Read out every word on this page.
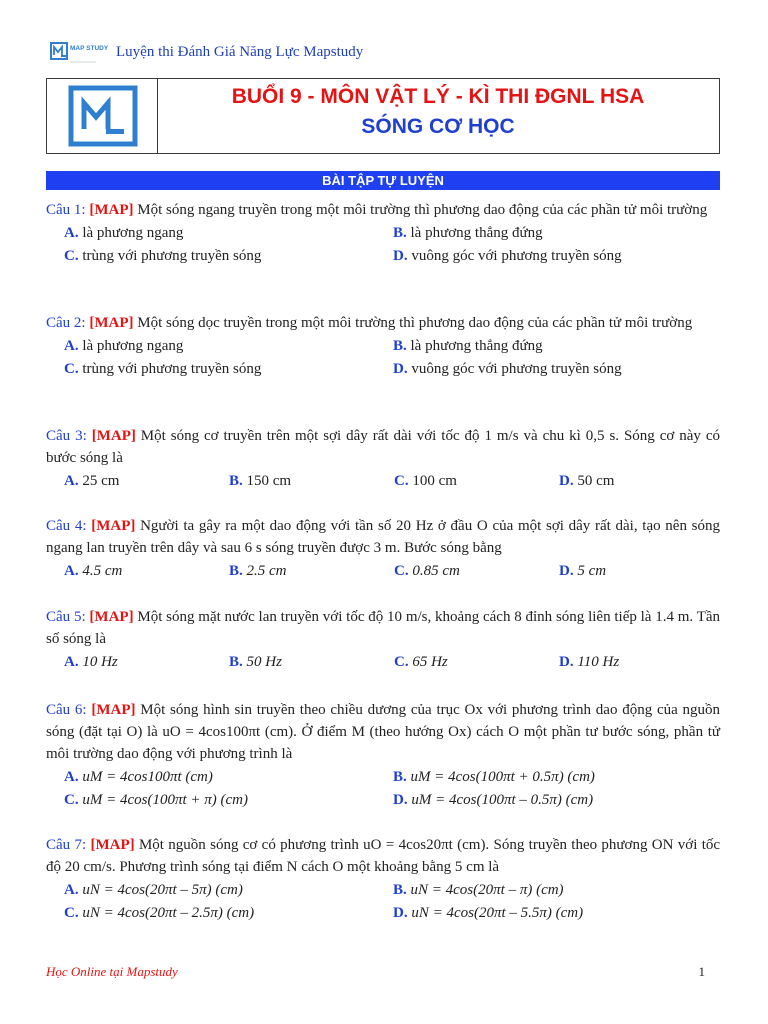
MAP STUDY Luyện thi Đánh Giá Năng Lực Mapstudy
BUỔI 9 - MÔN VẬT LÝ - KÌ THI ĐGNL HSA
SÓNG CƠ HỌC
BÀI TẬP TỰ LUYỆN
Câu 1: [MAP] Một sóng ngang truyền trong một môi trường thì phương dao động của các phần tử môi trường
A. là phương ngang	B. là phương thẳng đứng
C. trùng với phương truyền sóng	D. vuông góc với phương truyền sóng
Câu 2: [MAP] Một sóng dọc truyền trong một môi trường thì phương dao động của các phần tử môi trường
A. là phương ngang	B. là phương thẳng đứng
C. trùng với phương truyền sóng	D. vuông góc với phương truyền sóng
Câu 3: [MAP] Một sóng cơ truyền trên một sợi dây rất dài với tốc độ 1 m/s và chu kì 0,5 s. Sóng cơ này có bước sóng là
A. 25 cm	B. 150 cm	C. 100 cm	D. 50 cm
Câu 4: [MAP] Người ta gây ra một dao động với tần số 20 Hz ở đầu O của một sợi dây rất dài, tạo nên sóng ngang lan truyền trên dây và sau 6 s sóng truyền được 3 m. Bước sóng bằng
A. 4.5 cm	B. 2.5 cm	C. 0.85 cm	D. 5 cm
Câu 5: [MAP] Một sóng mặt nước lan truyền với tốc độ 10 m/s, khoảng cách 8 đỉnh sóng liên tiếp là 1.4 m. Tần số sóng là
A. 10 Hz	B. 50 Hz	C. 65 Hz	D. 110 Hz
Câu 6: [MAP] Một sóng hình sin truyền theo chiều dương của trục Ox với phương trình dao động của nguồn sóng (đặt tại O) là uO = 4cos100πt (cm). Ở điểm M (theo hướng Ox) cách O một phần tư bước sóng, phần tử môi trường dao động với phương trình là
A. uM = 4cos100πt (cm)	B. uM = 4cos(100πt + 0.5π) (cm)
C. uM = 4cos(100πt + π) (cm)	D. uM = 4cos(100πt – 0.5π) (cm)
Câu 7: [MAP] Một nguồn sóng cơ có phương trình uO = 4cos20πt (cm). Sóng truyền theo phương ON với tốc độ 20 cm/s. Phương trình sóng tại điểm N cách O một khoảng bằng 5 cm là
A. uN = 4cos(20πt – 5π) (cm)	B. uN = 4cos(20πt – π) (cm)
C. uN = 4cos(20πt – 2.5π) (cm)	D. uN = 4cos(20πt – 5.5π) (cm)
Học Online tại Mapstudy	1
